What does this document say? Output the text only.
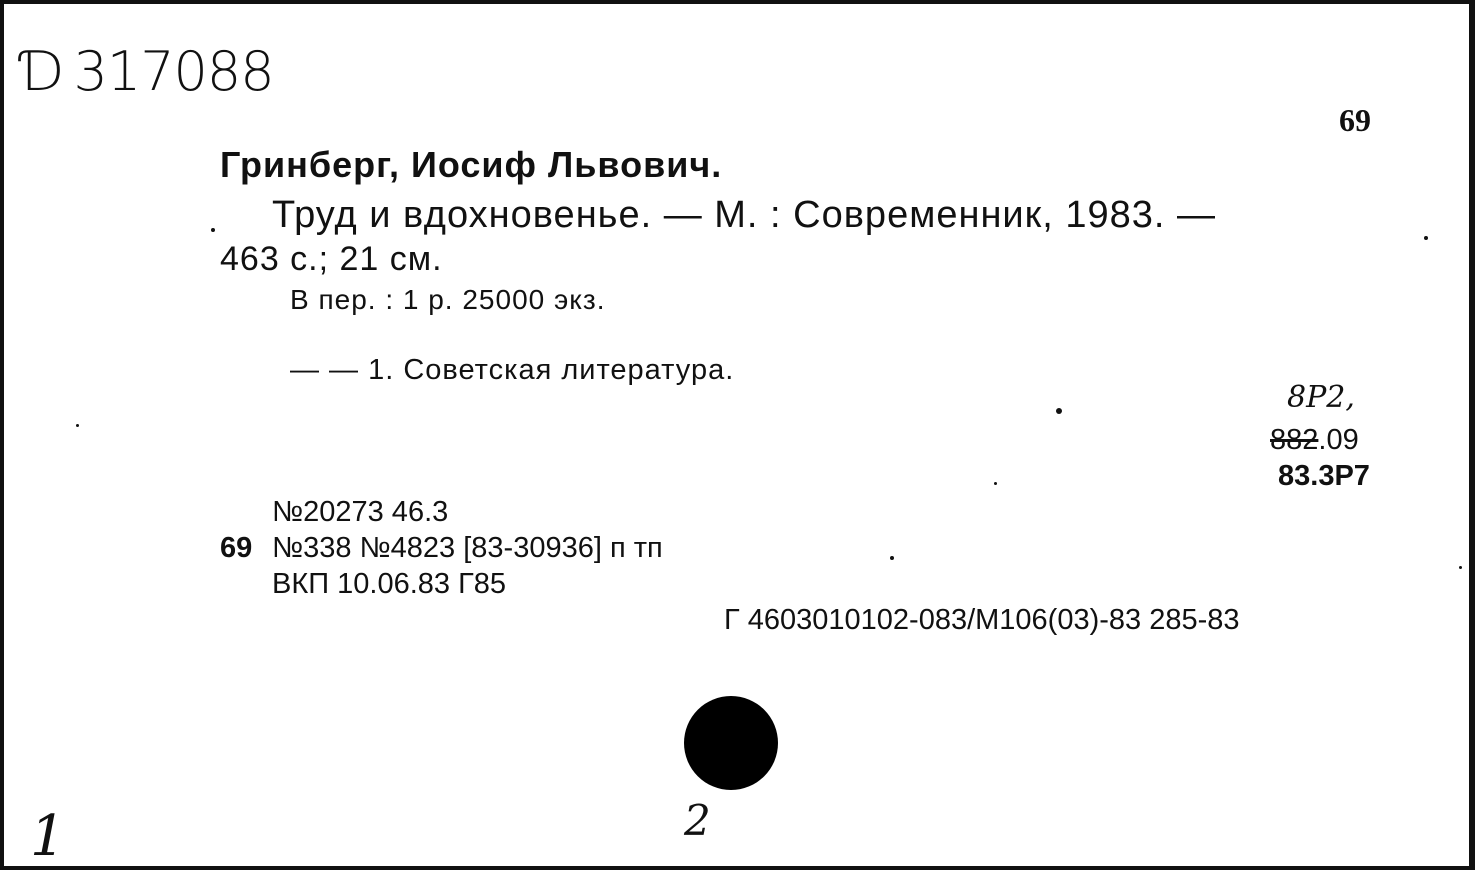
Ɗ 317088
69
Гринберг, Иосиф Львович.
Труд и вдохновенье. — М. : Современник, 1983. —
463 с.; 21 см.
В пер. : 1 р. 25000 экз.
— — 1. Советская литература.
8Р2,
882.09
83.3Р7
№20273 46.3
69 №338 №4823 [83-30936] п тп
ВКП 10.06.83 Г85
Г 4603010102-083/М106(03)-83 285-83
1	2
